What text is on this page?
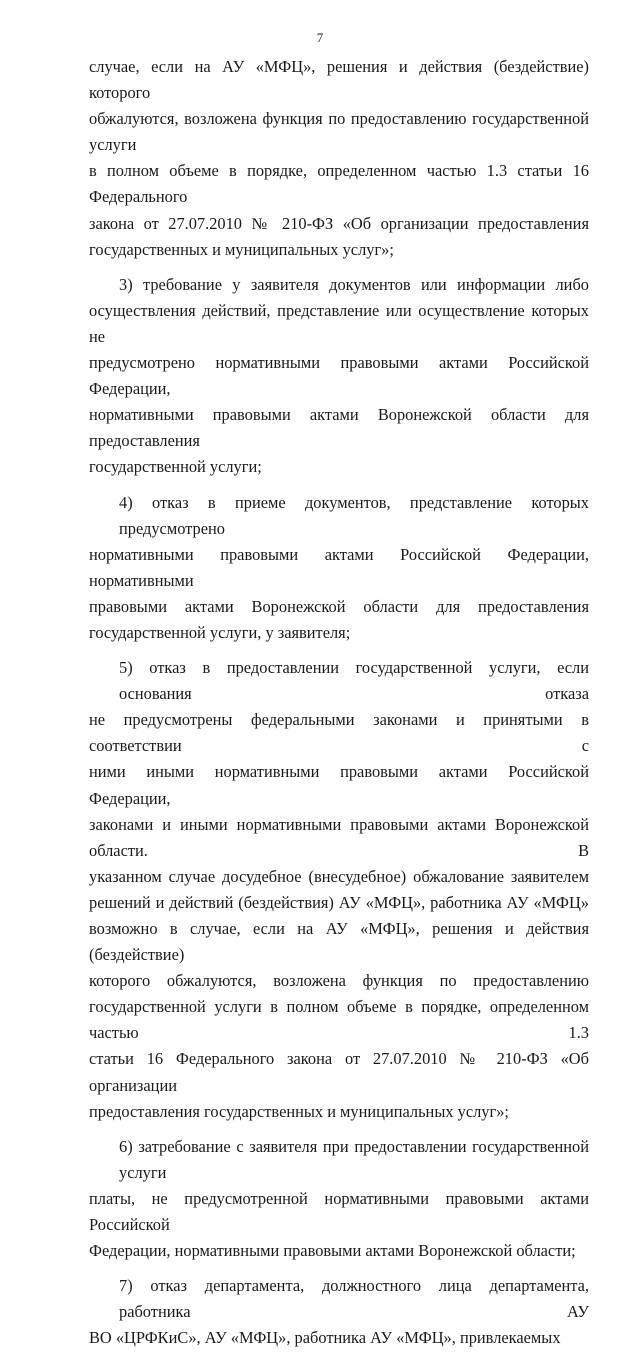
7
случае, если на АУ «МФЦ», решения и действия (бездействие) которого
обжалуются, возложена функция по предоставлению государственной услуги
в полном объеме в порядке, определенном частью 1.3 статьи 16 Федерального
закона от 27.07.2010 № 210-ФЗ «Об организации предоставления
государственных и муниципальных услуг»;
3) требование у заявителя документов или информации либо
осуществления действий, представление или осуществление которых не
предусмотрено нормативными правовыми актами Российской Федерации,
нормативными правовыми актами Воронежской области для предоставления
государственной услуги;
4) отказ в приеме документов, представление которых предусмотрено
нормативными правовыми актами Российской Федерации, нормативными
правовыми актами Воронежской области для предоставления
государственной услуги, у заявителя;
5) отказ в предоставлении государственной услуги, если основания отказа
не предусмотрены федеральными законами и принятыми в соответствии с
ними иными нормативными правовыми актами Российской Федерации,
законами и иными нормативными правовыми актами Воронежской области. В
указанном случае досудебное (внесудебное) обжалование заявителем
решений и действий (бездействия) АУ «МФЦ», работника АУ «МФЦ»
возможно в случае, если на АУ «МФЦ», решения и действия (бездействие)
которого обжалуются, возложена функция по предоставлению
государственной услуги в полном объеме в порядке, определенном частью 1.3
статьи 16 Федерального закона от 27.07.2010 № 210-ФЗ «Об организации
предоставления государственных и муниципальных услуг»;
6) затребование с заявителя при предоставлении государственной услуги
платы, не предусмотренной нормативными правовыми актами Российской
Федерации, нормативными правовыми актами Воронежской области;
7) отказ департамента, должностного лица департамента, работника АУ
ВО «ЦРФКиС», АУ «МФЦ», работника АУ «МФЦ», привлекаемых
